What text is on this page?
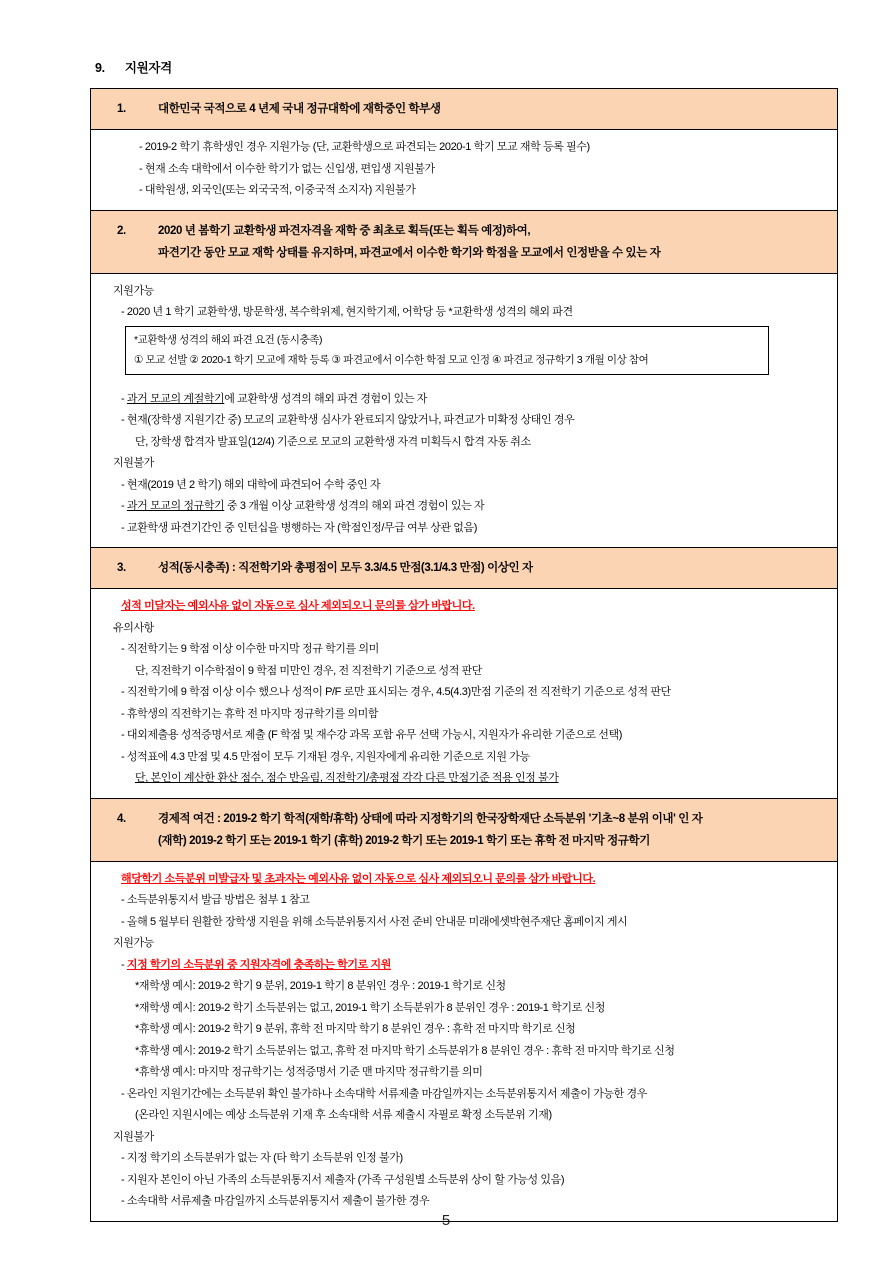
9. 지원자격
1.	대한민국 국적으로 4 년제 국내 정규대학에 재학중인 학부생
- 2019-2 학기 휴학생인 경우 지원가능 (단, 교환학생으로 파견되는 2020-1 학기 모교 재학 등록 필수)
- 현재 소속 대학에서 이수한 학기가 없는 신입생, 편입생 지원불가
- 대학원생, 외국인(또는 외국국적, 이중국적 소지자) 지원불가
2.	2020 년 봄학기 교환학생 파견자격을 재학 중 최초로 획득(또는 획득 예정)하여,
파견기간 동안 모교 재학 상태를 유지하며, 파견교에서 이수한 학기와 학점을 모교에서 인정받을 수 있는 자
지원가능
- 2020 년 1 학기 교환학생, 방문학생, 복수학위제, 현지학기제, 어학당 등 *교환학생 성격의 해외 파견
*교환학생 성격의 해외 파견 요건 (동시충족)
① 모교 선발 ② 2020-1 학기 모교에 재학 등록 ③ 파견교에서 이수한 학점 모교 인정 ④ 파견교 정규학기 3 개월 이상 참여
- 과거 모교의 계절학기에 교환학생 성격의 해외 파견 경험이 있는 자
- 현재(장학생 지원기간 중) 모교의 교환학생 심사가 완료되지 않았거나, 파견교가 미확정 상태인 경우
단, 장학생 합격자 발표일(12/4) 기준으로 모교의 교환학생 자격 미획득시 합격 자동 취소
지원불가
- 현재(2019 년 2 학기) 해외 대학에 파견되어 수학 중인 자
- 과거 모교의 정규학기 중 3 개월 이상 교환학생 성격의 해외 파견 경험이 있는 자
- 교환학생 파견기간인 중 인턴십을 병행하는 자 (학점인정/무급 여부 상관 없음)
3.	성적(동시충족) : 직전학기와 총평점이 모두 3.3/4.5 만점(3.1/4.3 만점) 이상인 자
성적 미달자는 예외사유 없이 자동으로 심사 제외되오니 문의를 삼가 바랍니다.
유의사항
- 직전학기는 9 학점 이상 이수한 마지막 정규 학기를 의미
단, 직전학기 이수학점이 9 학점 미만인 경우, 전 직전학기 기준으로 성적 판단
- 직전학기에 9 학점 이상 이수 했으나 성적이 P/F 로만 표시되는 경우, 4.5(4.3)만점 기준의 전 직전학기 기준으로 성적 판단
- 휴학생의 직전학기는 휴학 전 마지막 정규학기를 의미함
- 대외제출용 성적증명서로 제출 (F 학점 및 재수강 과목 포함 유무 선택 가능시, 지원자가 유리한 기준으로 선택)
- 성적표에 4.3 만점 및 4.5 만점이 모두 기재된 경우, 지원자에게 유리한 기준으로 지원 가능
단, 본인이 계산한 환산 점수, 점수 반올림, 직전학기/총평점 각각 다른 만점기준 적용 인정 불가
4.	경제적 여건 : 2019-2 학기 학적(재학/휴학) 상태에 따라 지정학기의 한국장학재단 소득분위 '기초~8 분위 이내' 인 자
(재학) 2019-2 학기 또는 2019-1 학기 (휴학) 2019-2 학기 또는 2019-1 학기 또는 휴학 전 마지막 정규학기
해당학기 소득분위 미발급자 및 초과자는 예외사유 없이 자동으로 심사 제외되오니 문의를 삼가 바랍니다.
- 소득분위통지서 발급 방법은 첨부 1 참고
- 올해 5 월부터 원활한 장학생 지원을 위해 소득분위통지서 사전 준비 안내문 미래에셋박현주재단 홈페이지 게시
지원가능
- 지정 학기의 소득분위 중 지원자격에 충족하는 학기로 지원
*재학생 예시: 2019-2 학기 9 분위, 2019-1 학기 8 분위인 경우 : 2019-1 학기로 신청
*재학생 예시: 2019-2 학기 소득분위는 없고, 2019-1 학기 소득분위가 8 분위인 경우 : 2019-1 학기로 신청
*휴학생 예시: 2019-2 학기 9 분위, 휴학 전 마지막 학기 8 분위인 경우 : 휴학 전 마지막 학기로 신청
*휴학생 예시: 2019-2 학기 소득분위는 없고, 휴학 전 마지막 학기 소득분위가 8 분위인 경우 : 휴학 전 마지막 학기로 신청
*휴학생 예시: 마지막 정규학기는 성적증명서 기준 맨 마지막 정규학기를 의미
- 온라인 지원기간에는 소득분위 확인 불가하나 소속대학 서류제출 마감일까지는 소득분위통지서 제출이 가능한 경우
(온라인 지원시에는 예상 소득분위 기재 후 소속대학 서류 제출시 자필로 확정 소득분위 기재)
지원불가
- 지정 학기의 소득분위가 없는 자 (타 학기 소득분위 인정 불가)
- 지원자 본인이 아닌 가족의 소득분위통지서 제출자 (가족 구성원별 소득분위 상이 할 가능성 있음)
- 소속대학 서류제출 마감일까지 소득분위통지서 제출이 불가한 경우
5
